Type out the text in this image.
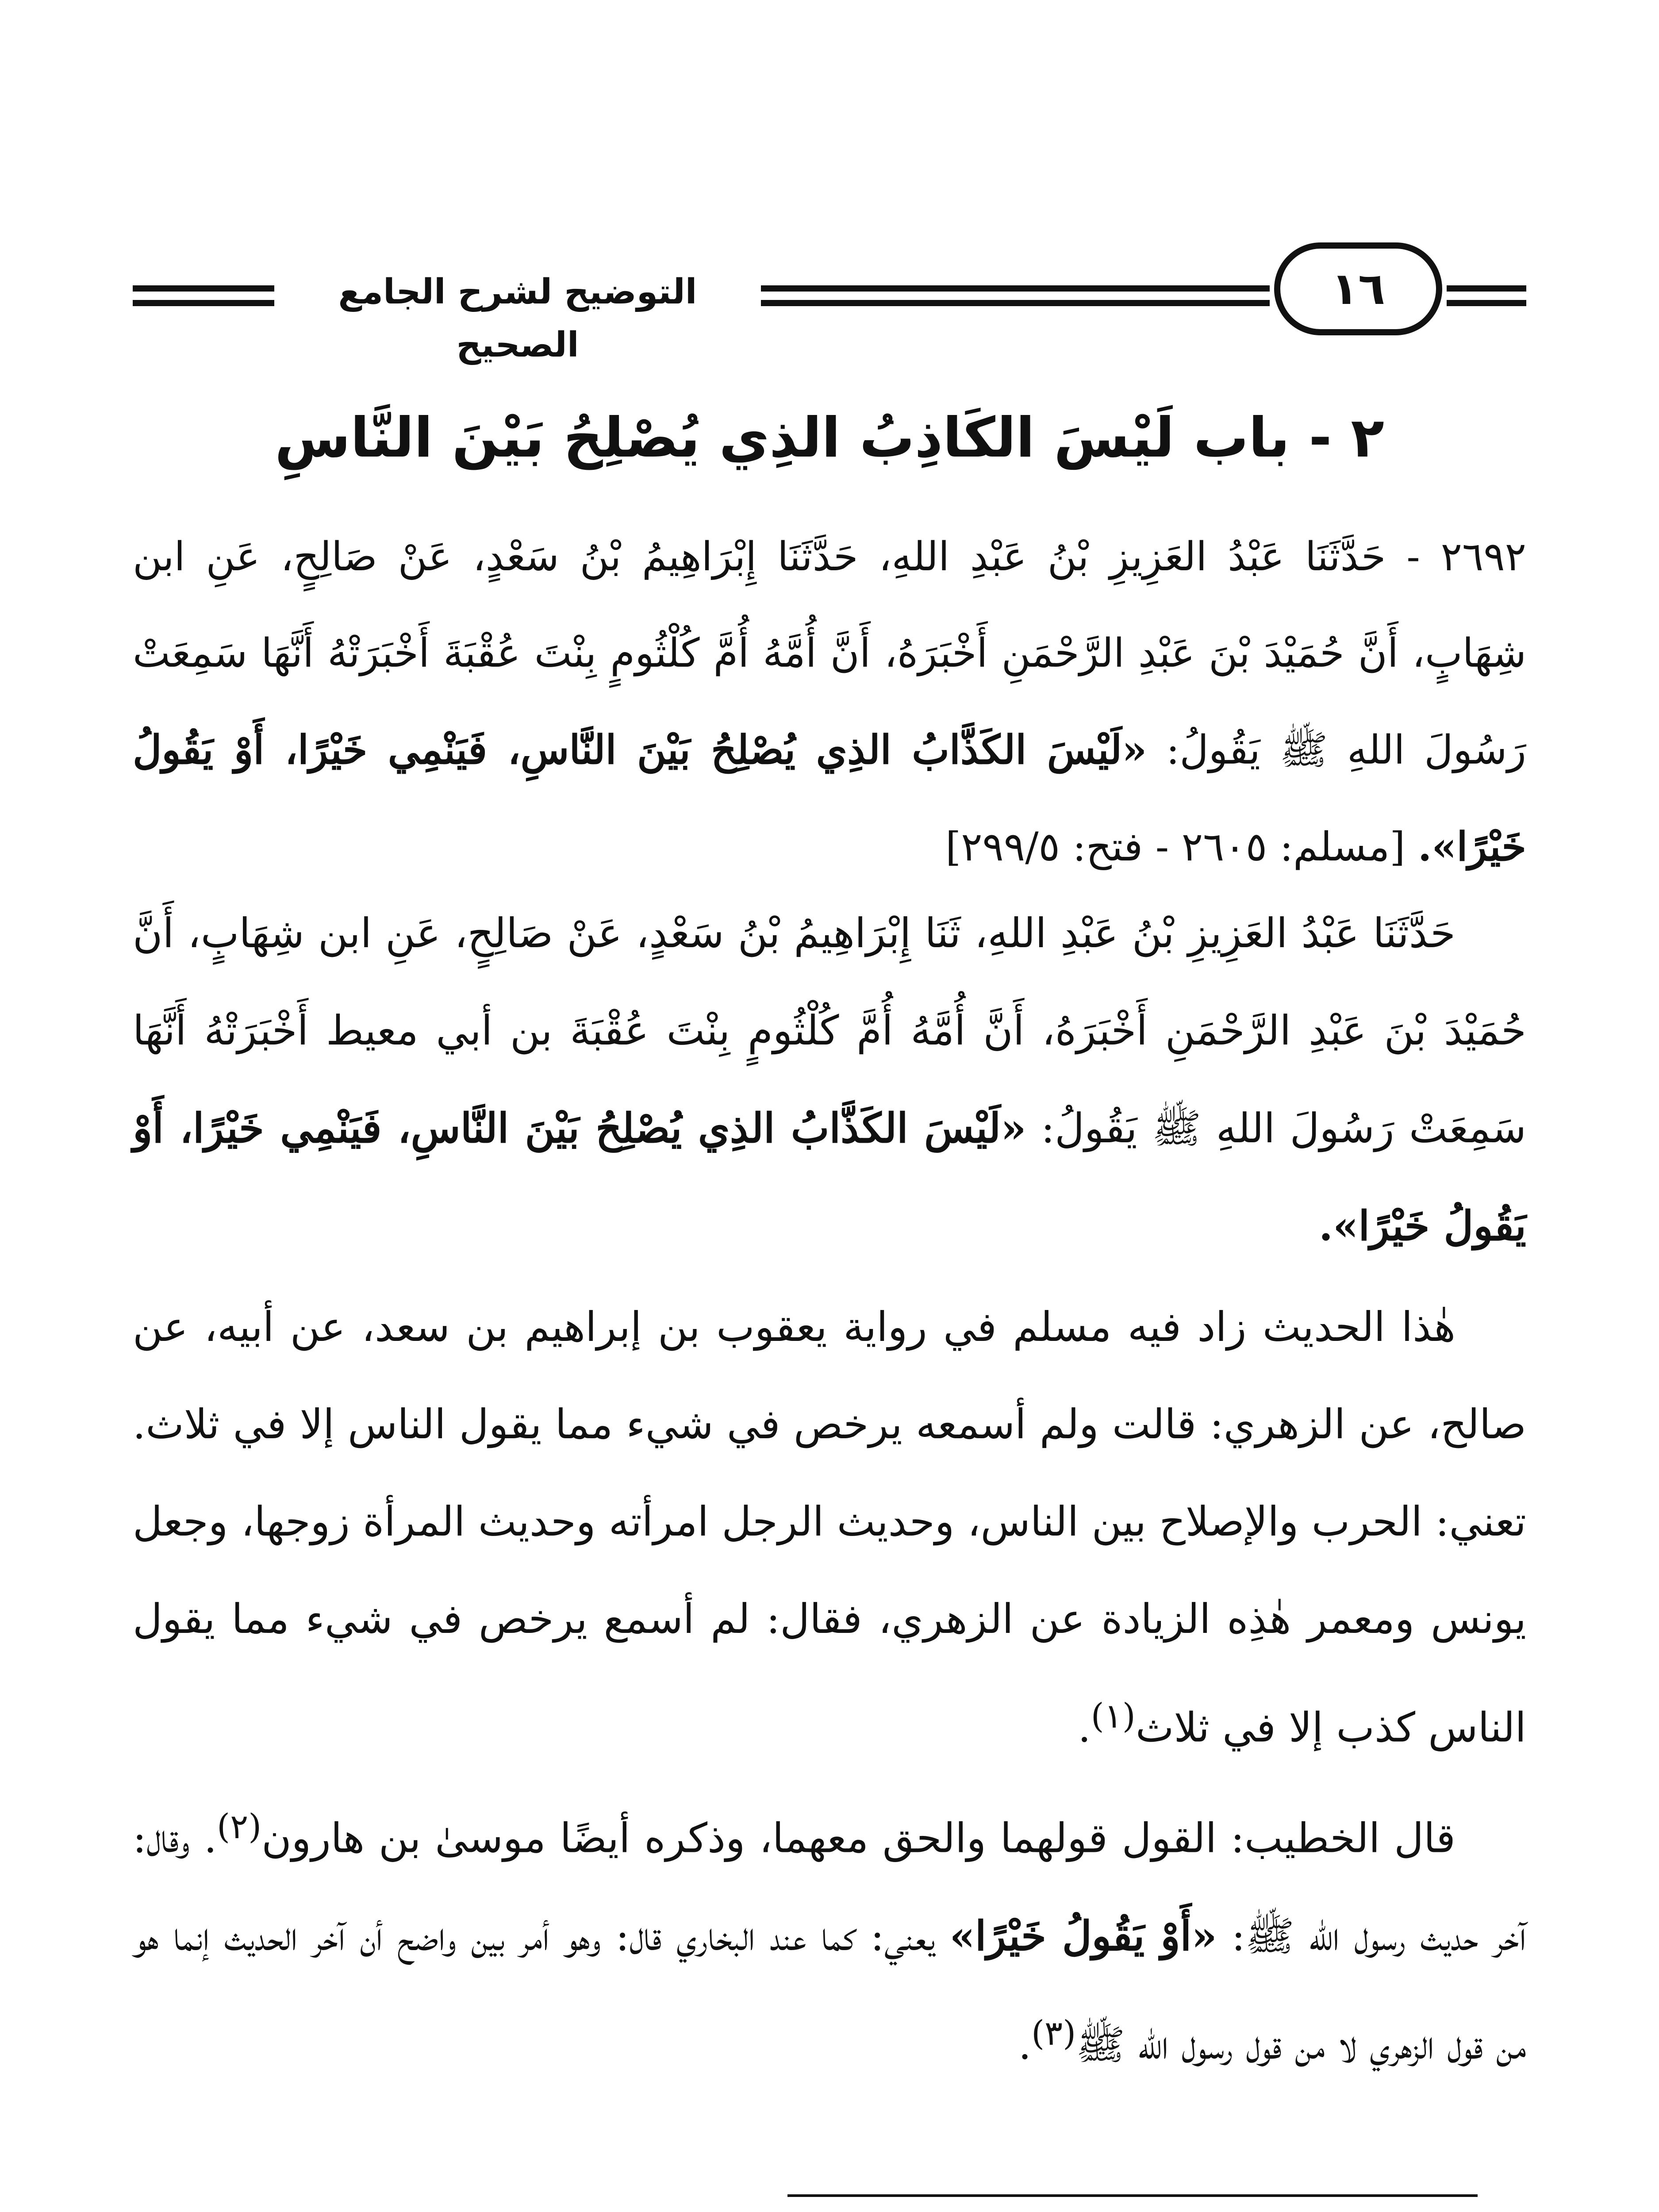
التوضيح لشرح الجامع الصحيح
١٦
٢ - باب لَيْسَ الكَاذِبُ الذِي يُصْلِحُ بَيْنَ النَّاسِ

٢٦٩٢ - حَدَّثَنَا عَبْدُ العَزِيزِ بْنُ عَبْدِ اللهِ، حَدَّثَنَا إِبْرَاهِيمُ بْنُ سَعْدٍ، عَنْ صَالِحٍ، عَنِ ابن شِهَابٍ، أَنَّ حُمَيْدَ بْنَ عَبْدِ الرَّحْمَنِ أَخْبَرَهُ، أَنَّ أُمَّهُ أُمَّ كُلْثُومٍ بِنْتَ عُقْبَةَ أَخْبَرَتْهُ أَنَّهَا سَمِعَتْ رَسُولَ اللهِ ﷺ يَقُولُ: «لَيْسَ الكَذَّابُ الذِي يُصْلِحُ بَيْنَ النَّاسِ، فَيَنْمِي خَيْرًا، أَوْ يَقُولُ خَيْرًا». [مسلم: ٢٦٠٥ - فتح: ٢٩٩/٥]

حَدَّثَنَا عَبْدُ العَزِيزِ بْنُ عَبْدِ اللهِ، ثَنَا إِبْرَاهِيمُ بْنُ سَعْدٍ، عَنْ صَالِحٍ، عَنِ ابن شِهَابٍ، أَنَّ حُمَيْدَ بْنَ عَبْدِ الرَّحْمَنِ أَخْبَرَهُ، أَنَّ أُمَّهُ أُمَّ كُلْثُومٍ بِنْتَ عُقْبَةَ بن أبي معيط أَخْبَرَتْهُ أَنَّهَا سَمِعَتْ رَسُولَ اللهِ ﷺ يَقُولُ: «لَيْسَ الكَذَّابُ الذِي يُصْلِحُ بَيْنَ النَّاسِ، فَيَنْمِي خَيْرًا، أَوْ يَقُولُ خَيْرًا».

هٰذا الحديث زاد فيه مسلم في رواية يعقوب بن إبراهيم بن سعد، عن أبيه، عن صالح، عن الزهري: قالت ولم أسمعه يرخص في شيء مما يقول الناس إلا في ثلاث. تعني: الحرب والإصلاح بين الناس، وحديث الرجل امرأته وحديث المرأة زوجها، وجعل يونس ومعمر هٰذِه الزيادة عن الزهري، فقال: لم أسمع يرخص في شيء مما يقول الناس كذب إلا في ثلاث$^{(١)}$.

قال الخطيب: القول قولهما والحق معهما، وذكره أيضًا موسىٰ بن هارون$^{(٢)}$. وقال: آخر حديث رسول الله ﷺ: «أَوْ يَقُولُ خَيْرًا» يعني: كما عند البخاري قال: وهو أمر بين واضح أن آخر الحديث إنما هو من قول الزهري لا من قول رسول الله ﷺ$^{(٣)}$.
